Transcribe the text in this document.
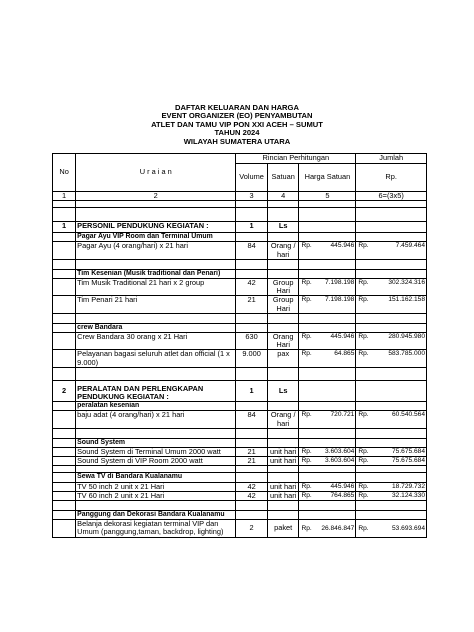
DAFTAR KELUARAN DAN HARGA
EVENT ORGANIZER (EO) PENYAMBUTAN
ATLET DAN TAMU VIP PON XXI ACEH – SUMUT
TAHUN 2024
WILAYAH SUMATERA UTARA
No	U r a i a n	Rincian Perhitungan			Jumlah
		Volume	Satuan	Harga Satuan	Rp.
1	2	3	4	5	6=(3x5)

1	PERSONIL PENDUKUNG KEGIATAN :	1	Ls		
	Pagar Ayu VIP Room dan Terminal Umum				
	Pagar Ayu (4 orang/hari) x 21 hari	84	Orang / hari	Rp. 445.946	Rp. 7.459.464

	Tim Kesenian (Musik traditional dan Penari)				
	Tim Musik Traditional 21 hari x 2 group	42	Group Hari	Rp. 7.198.198	Rp. 302.324.316

	Tim Penari 21 hari	21	Group Hari	Rp. 7.198.198	Rp. 151.162.158

	crew Bandara				
	Crew Bandara 30 orang x 21 Hari	630	Orang Hari	Rp. 445.946	Rp. 280.945.980

	Pelayanan bagasi seluruh atlet dan official (1 x 9.000)	9.000	pax	Rp. 64.865	Rp. 583.785.000

2	PERALATAN DAN PERLENGKAPAN PENDUKUNG KEGIATAN :	1	Ls		
	peralatan kesenian				
	baju adat (4 orang/hari) x 21 hari	84	Orang / hari	Rp. 720.721	Rp. 60.540.564

	Sound System				
	Sound System di Terminal Umum 2000 watt	21	unit hari	Rp. 3.603.604	Rp. 75.675.684

	Sound System di VIP Room 2000 watt	21	unit hari	Rp. 3.603.604	Rp. 75.675.684

	Sewa TV di Bandara Kualanamu				
	TV 50 inch 2 unit x 21 Hari	42	unit hari	Rp. 445.946	Rp. 18.729.732

	TV 60 inch 2 unit x 21 Hari	42	unit hari	Rp. 764.865	Rp. 32.124.330

	Panggung dan Dekorasi Bandara Kualanamu				
	Belanja dekorasi kegiatan terminal VIP dan Umum (panggung,taman, backdrop, lighting)	2	paket	Rp. 26.846.847	Rp. 53.693.694
